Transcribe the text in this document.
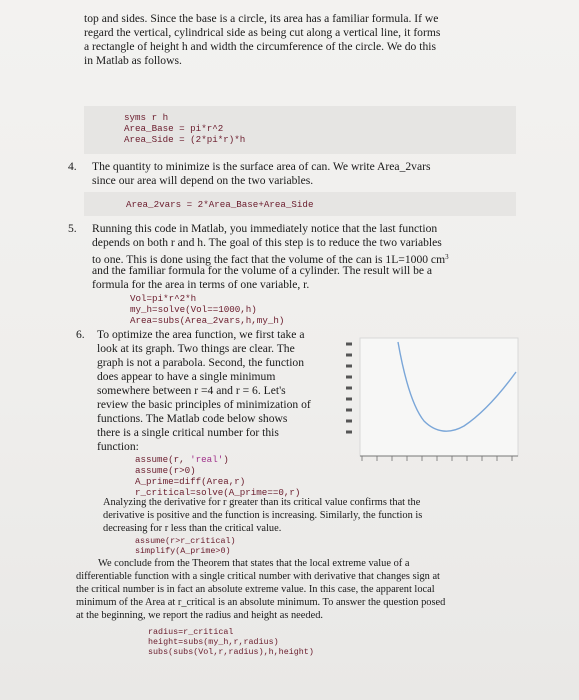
top and sides. Since the base is a circle, its area has a familiar formula. If we

regard the vertical, cylindrical side as being cut along a vertical line, it forms

a rectangle of height h and width the circumference of the circle. We do this

in Matlab as follows.

syms r h
Area_Base = pi*r^2
Area_Side = (2*pi*r)*h
4. The quantity to minimize is the surface area of can. We write Area_2vars

since our area will depend on the two variables.

Area_2vars = 2*Area_Base+Area_Side
5. Running this code in Matlab, you immediately notice that the last function

depends on both r and h. The goal of this step is to reduce the two variables

to one. This is done using the fact that the volume of the can is 1L=1000 $cm^3$

and the familiar formula for the volume of a cylinder. The result will be a

formula for the area in terms of one variable, r.

Vol=pi*r^2*h
my_h=solve(Vol==1000,h)
Area=subs(Area_2vars,h,my_h)
6. To optimize the area function, we first take a

look at its graph. Two things are clear. The

graph is not a parabola. Second, the function

does appear to have a single minimum

somewhere between r =4 and r = 6. Let's

review the basic principles of minimization of

functions. The Matlab code below shows

there is a single critical number for this

function:

assume(r, 'real')
assume(r>0)
A_prime=diff(Area,r)
r_critical=solve(A_prime==0,r)

Analyzing the derivative for r greater than its critical value confirms that the

derivative is positive and the function is increasing. Similarly, the function is

decreasing for r less than the critical value.

assume(r>r_critical)
simplify(A_prime>0)

We conclude from the Theorem that states that the local extreme value of a

differentiable function with a single critical number with derivative that changes sign at

the critical number is in fact an absolute extreme value. In this case, the apparent local

minimum of the Area at r_critical is an absolute minimum. To answer the question posed

at the beginning, we report the radius and height as needed.

radius=r_critical
height=subs(my_h,r,radius)
subs(subs(Vol,r,radius),h,height)
